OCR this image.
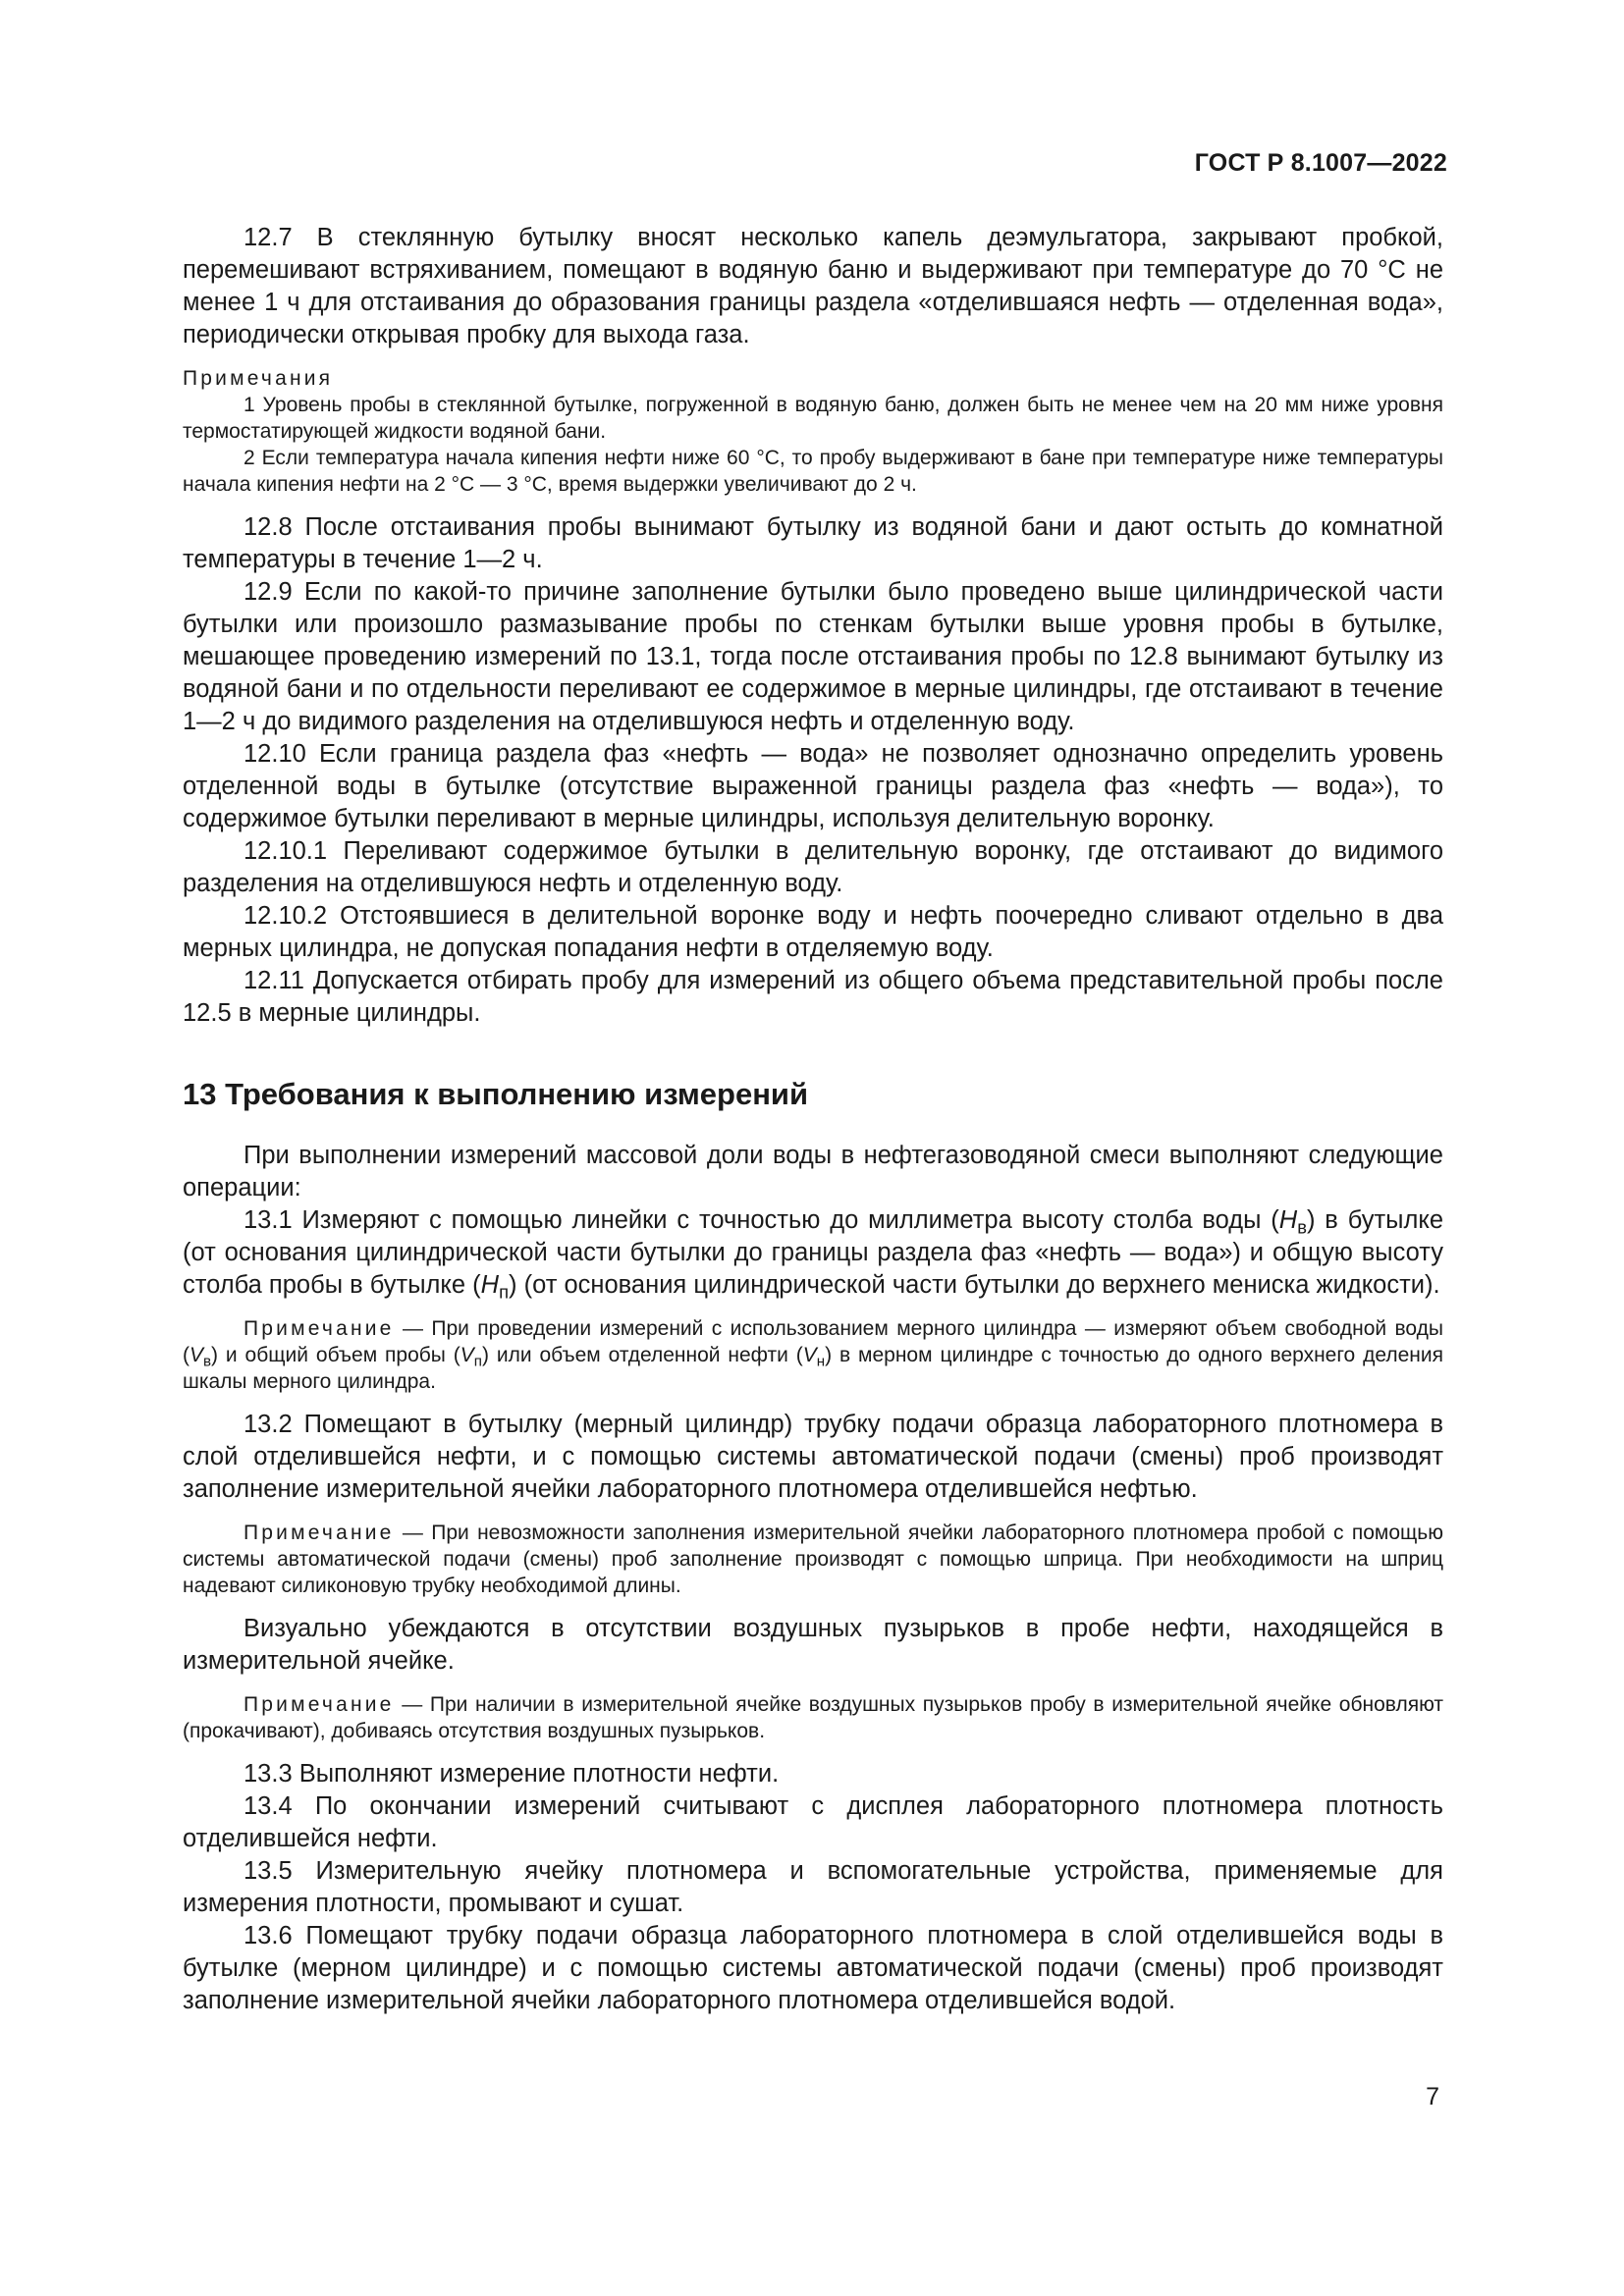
ГОСТ Р 8.1007—2022

12.7 В стеклянную бутылку вносят несколько капель деэмульгатора, закрывают пробкой, перемешивают встряхиванием, помещают в водяную баню и выдерживают при температуре до 70 °С не менее 1 ч для отстаивания до образования границы раздела «отделившаяся нефть — отделенная вода», периодически открывая пробку для выхода газа.

Примечания

1 Уровень пробы в стеклянной бутылке, погруженной в водяную баню, должен быть не менее чем на 20 мм ниже уровня термостатирующей жидкости водяной бани.

2 Если температура начала кипения нефти ниже 60 °С, то пробу выдерживают в бане при температуре ниже температуры начала кипения нефти на 2 °С — 3 °С, время выдержки увеличивают до 2 ч.

12.8 После отстаивания пробы вынимают бутылку из водяной бани и дают остыть до комнатной температуры в течение 1—2 ч.

12.9 Если по какой-то причине заполнение бутылки было проведено выше цилиндрической части бутылки или произошло размазывание пробы по стенкам бутылки выше уровня пробы в бутылке, мешающее проведению измерений по 13.1, тогда после отстаивания пробы по 12.8 вынимают бутылку из водяной бани и по отдельности переливают ее содержимое в мерные цилиндры, где отстаивают в течение 1—2 ч до видимого разделения на отделившуюся нефть и отделенную воду.

12.10 Если граница раздела фаз «нефть — вода» не позволяет однозначно определить уровень отделенной воды в бутылке (отсутствие выраженной границы раздела фаз «нефть — вода»), то содержимое бутылки переливают в мерные цилиндры, используя делительную воронку.

12.10.1 Переливают содержимое бутылки в делительную воронку, где отстаивают до видимого разделения на отделившуюся нефть и отделенную воду.

12.10.2 Отстоявшиеся в делительной воронке воду и нефть поочередно сливают отдельно в два мерных цилиндра, не допуская попадания нефти в отделяемую воду.

12.11 Допускается отбирать пробу для измерений из общего объема представительной пробы после 12.5 в мерные цилиндры.

13 Требования к выполнению измерений

При выполнении измерений массовой доли воды в нефтегазоводяной смеси выполняют следующие операции:

13.1 Измеряют с помощью линейки с точностью до миллиметра высоту столба воды $(H_в)$ в бутылке (от основания цилиндрической части бутылки до границы раздела фаз «нефть — вода») и общую высоту столба пробы в бутылке $(H_п)$ (от основания цилиндрической части бутылки до верхнего мениска жидкости).

Примечание — При проведении измерений с использованием мерного цилиндра — измеряют объем свободной воды $(V_в)$ и общий объем пробы $(V_п)$ или объем отделенной нефти $(V_н)$ в мерном цилиндре с точностью до одного верхнего деления шкалы мерного цилиндра.

13.2 Помещают в бутылку (мерный цилиндр) трубку подачи образца лабораторного плотномера в слой отделившейся нефти, и с помощью системы автоматической подачи (смены) проб производят заполнение измерительной ячейки лабораторного плотномера отделившейся нефтью.

Примечание — При невозможности заполнения измерительной ячейки лабораторного плотномера пробой с помощью системы автоматической подачи (смены) проб заполнение производят с помощью шприца. При необходимости на шприц надевают силиконовую трубку необходимой длины.

Визуально убеждаются в отсутствии воздушных пузырьков в пробе нефти, находящейся в измерительной ячейке.

Примечание — При наличии в измерительной ячейке воздушных пузырьков пробу в измерительной ячейке обновляют (прокачивают), добиваясь отсутствия воздушных пузырьков.

13.3 Выполняют измерение плотности нефти.

13.4 По окончании измерений считывают с дисплея лабораторного плотномера плотность отделившейся нефти.

13.5 Измерительную ячейку плотномера и вспомогательные устройства, применяемые для измерения плотности, промывают и сушат.

13.6 Помещают трубку подачи образца лабораторного плотномера в слой отделившейся воды в бутылке (мерном цилиндре) и с помощью системы автоматической подачи (смены) проб производят заполнение измерительной ячейки лабораторного плотномера отделившейся водой.

7
